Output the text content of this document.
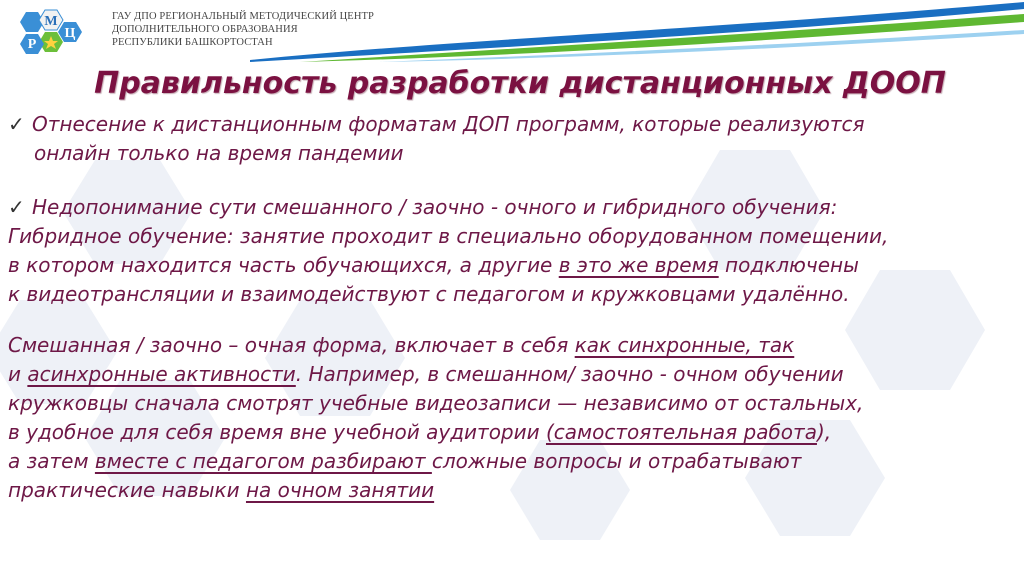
Р
М
Ц
ГАУ ДПО РЕГИОНАЛЬНЫЙ МЕТОДИЧЕСКИЙ ЦЕНТР
ДОПОЛНИТЕЛЬНОГО ОБРАЗОВАНИЯ
РЕСПУБЛИКИ БАШКОРТОСТАН
Правильность разработки дистанционных ДООП
✓ Отнесение к дистанционным форматам ДОП программ, которые реализуются
онлайн только на время пандемии
✓ Недопонимание сути смешанного / заочно - очного и гибридного обучения:
Гибридное обучение: занятие проходит в специально оборудованном помещении,
в котором находится часть обучающихся, а другие в это же время подключены
к видеотрансляции и взаимодействуют с педагогом и кружковцами удалённо.
Смешанная / заочно – очная форма, включает в себя как синхронные, так
и асинхронные активности. Например, в смешанном/ заочно - очном обучении
кружковцы сначала смотрят учебные видеозаписи — независимо от остальных,
в удобное для себя время вне учебной аудитории (самостоятельная работа),
а затем вместе с педагогом разбирают сложные вопросы и отрабатывают
практические навыки на очном занятии
